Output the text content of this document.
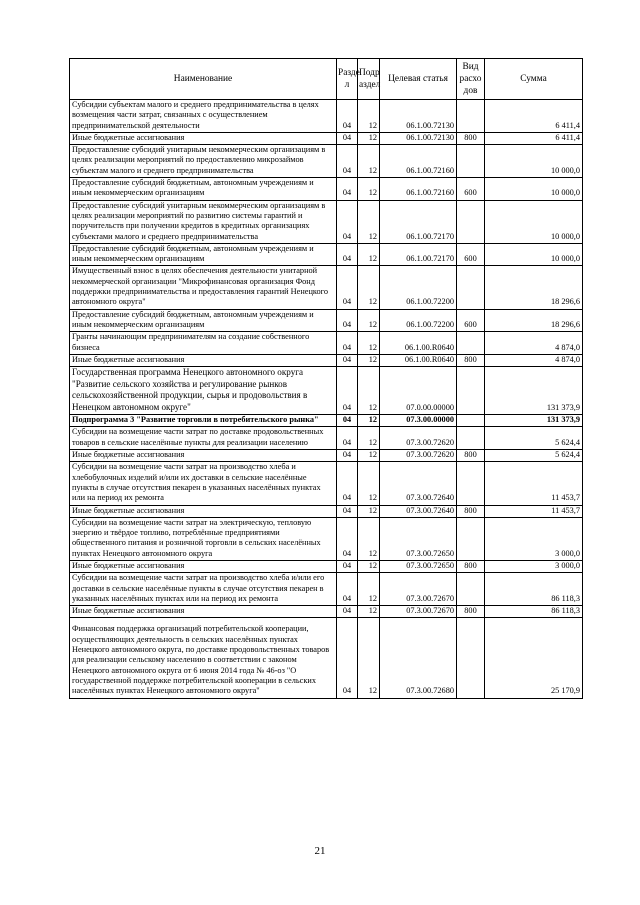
Наименование	Разде л	Подр аздел	Целевая статья	Вид расхо дов	Сумма
Субсидии субъектам малого и среднего предпринимательства в целях возмещения части затрат, связанных с осуществлением предпринимательской деятельности	04	12	06.1.00.72130		6 411,4
Иные бюджетные ассигнования	04	12	06.1.00.72130	800	6 411,4
Предоставление субсидий унитарным некоммерческим организациям в целях реализации мероприятий по предоставлению микрозаймов субъектам малого и среднего предпринимательства	04	12	06.1.00.72160		10 000,0
Предоставление субсидий бюджетным, автономным учреждениям и иным некоммерческим организациям	04	12	06.1.00.72160	600	10 000,0
Предоставление субсидий унитарным некоммерческим организациям в целях реализации мероприятий по развитию системы гарантий и поручительств при получении кредитов в кредитных организациях субъектами малого и среднего предпринимательства	04	12	06.1.00.72170		10 000,0
Предоставление субсидий бюджетным, автономным учреждениям и иным некоммерческим организациям	04	12	06.1.00.72170	600	10 000,0
Имущественный взнос в целях обеспечения деятельности унитарной некоммерческой организации "Микрофинансовая организация Фонд поддержки предпринимательства и предоставления гарантий Ненецкого автономного округа"	04	12	06.1.00.72200		18 296,6
Предоставление субсидий бюджетным, автономным учреждениям и иным некоммерческим организациям	04	12	06.1.00.72200	600	18 296,6
Гранты начинающим предпринимателям на создание собственного бизнеса	04	12	06.1.00.R0640		4 874,0
Иные бюджетные ассигнования	04	12	06.1.00.R0640	800	4 874,0
Государственная программа Ненецкого автономного округа "Развитие сельского хозяйства и регулирование рынков сельскохозяйственной продукции, сырья и продовольствия в Ненецком автономном округе"	04	12	07.0.00.00000		131 373,9
Подпрограмма 3 "Развитие торговли в потребительского рынка"	04	12	07.3.00.00000		131 373,9
Субсидии на возмещение части затрат по доставке продовольственных товаров в сельские населённые пункты для реализации населению	04	12	07.3.00.72620		5 624,4
Иные бюджетные ассигнования	04	12	07.3.00.72620	800	5 624,4
Субсидии на возмещение части затрат на производство хлеба и хлебобулочных изделий и/или их доставки в сельские населённые пункты в случае отсутствия пекарен в указанных населённых пунктах или на период их ремонта	04	12	07.3.00.72640		11 453,7
Иные бюджетные ассигнования	04	12	07.3.00.72640	800	11 453,7
Субсидии на возмещение части затрат на электрическую, тепловую энергию и твёрдое топливо, потреблённые предприятиями общественного питания и розничной торговли в сельских населённых пунктах Ненецкого автономного округа	04	12	07.3.00.72650		3 000,0
Иные бюджетные ассигнования	04	12	07.3.00.72650	800	3 000,0
Субсидии на возмещение части затрат на производство хлеба и/или его доставки в сельские населённые пункты в случае отсутствия пекарен в указанных населённых пунктах или на период их ремонта	04	12	07.3.00.72670		86 118,3
Иные бюджетные ассигнования	04	12	07.3.00.72670	800	86 118,3
Финансовая поддержка организаций потребительской кооперации, осуществляющих деятельность в сельских населённых пунктах Ненецкого автономного округа, по доставке продовольственных товаров для реализации сельскому населению в соответствии с законом Ненецкого автономного округа от 6 июня 2014 года № 46-оз "О государственной поддержке потребительской кооперации в сельских населённых пунктах Ненецкого автономного округа"	04	12	07.3.00.72680		25 170,9
21
